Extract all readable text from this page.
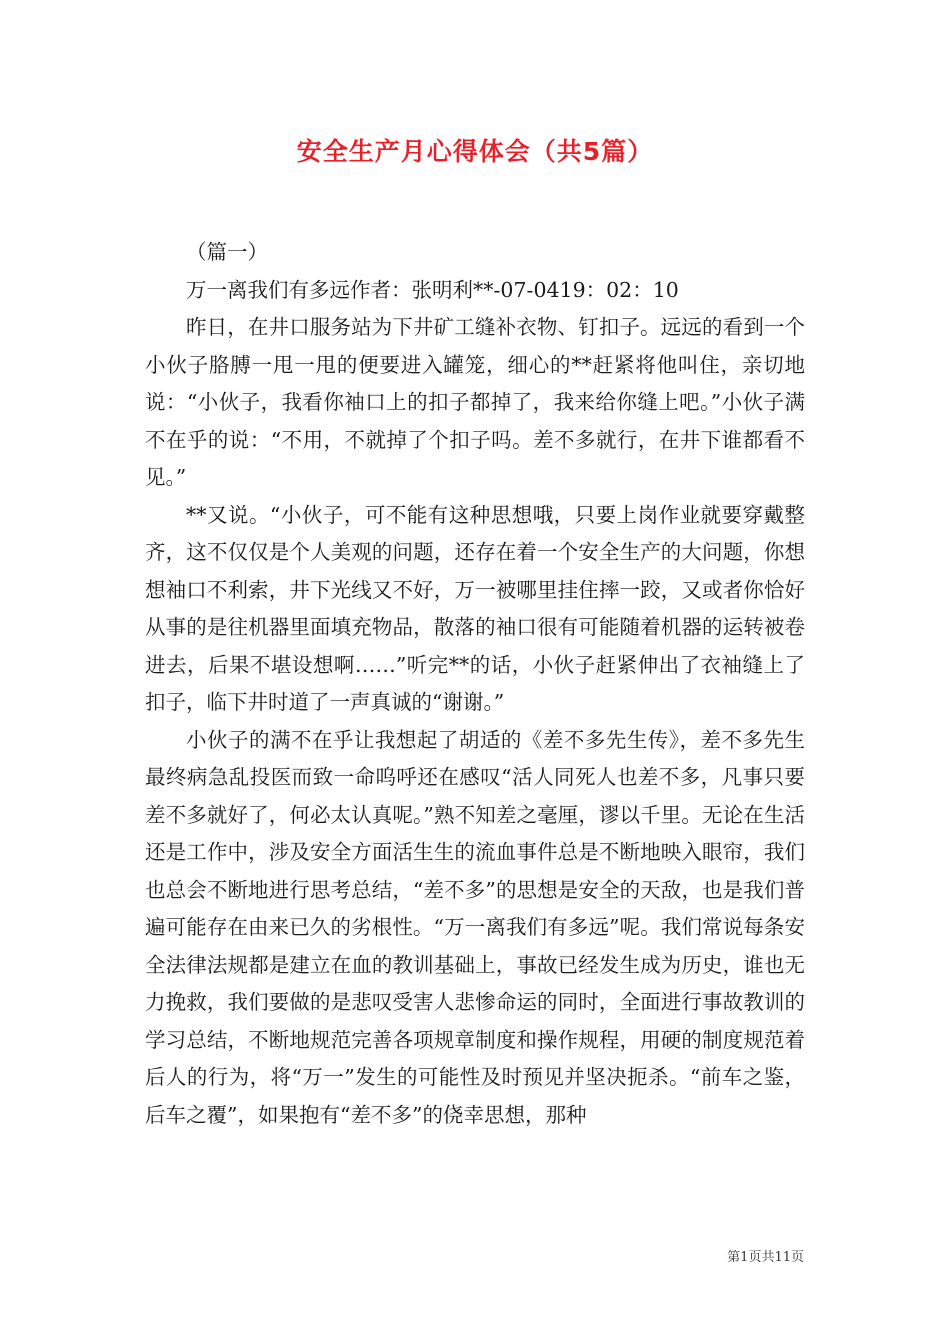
安全生产月心得体会（共5篇）

（篇一）

万一离我们有多远作者：张明利**-07-0419：02：10

昨日，在井口服务站为下井矿工缝补衣物、钉扣子。远远的看到一个小伙子胳膊一甩一甩的便要进入罐笼，细心的**赶紧将他叫住，亲切地说：“小伙子，我看你袖口上的扣子都掉了，我来给你缝上吧。”小伙子满不在乎的说：“不用，不就掉了个扣子吗。差不多就行，在井下谁都看不见。”

**又说。“小伙子，可不能有这种思想哦，只要上岗作业就要穿戴整齐，这不仅仅是个人美观的问题，还存在着一个安全生产的大问题，你想想袖口不利索，井下光线又不好，万一被哪里挂住摔一跤，又或者你恰好从事的是往机器里面填充物品，散落的袖口很有可能随着机器的运转被卷进去，后果不堪设想啊……”听完**的话，小伙子赶紧伸出了衣袖缝上了扣子，临下井时道了一声真诚的“谢谢。”

小伙子的满不在乎让我想起了胡适的《差不多先生传》，差不多先生最终病急乱投医而致一命呜呼还在感叹“活人同死人也差不多，凡事只要差不多就好了，何必太认真呢。”熟不知差之毫厘，谬以千里。无论在生活还是工作中，涉及安全方面活生生的流血事件总是不断地映入眼帘，我们也总会不断地进行思考总结，“差不多”的思想是安全的天敌，也是我们普遍可能存在由来已久的劣根性。“万一离我们有多远”呢。我们常说每条安全法律法规都是建立在血的教训基础上，事故已经发生成为历史，谁也无力挽救，我们要做的是悲叹受害人悲惨命运的同时，全面进行事故教训的学习总结，不断地规范完善各项规章制度和操作规程，用硬的制度规范着后人的行为，将“万一”发生的可能性及时预见并坚决扼杀。“前车之鉴，后车之覆”，如果抱有“差不多”的侥幸思想，那种

第1页共11页
